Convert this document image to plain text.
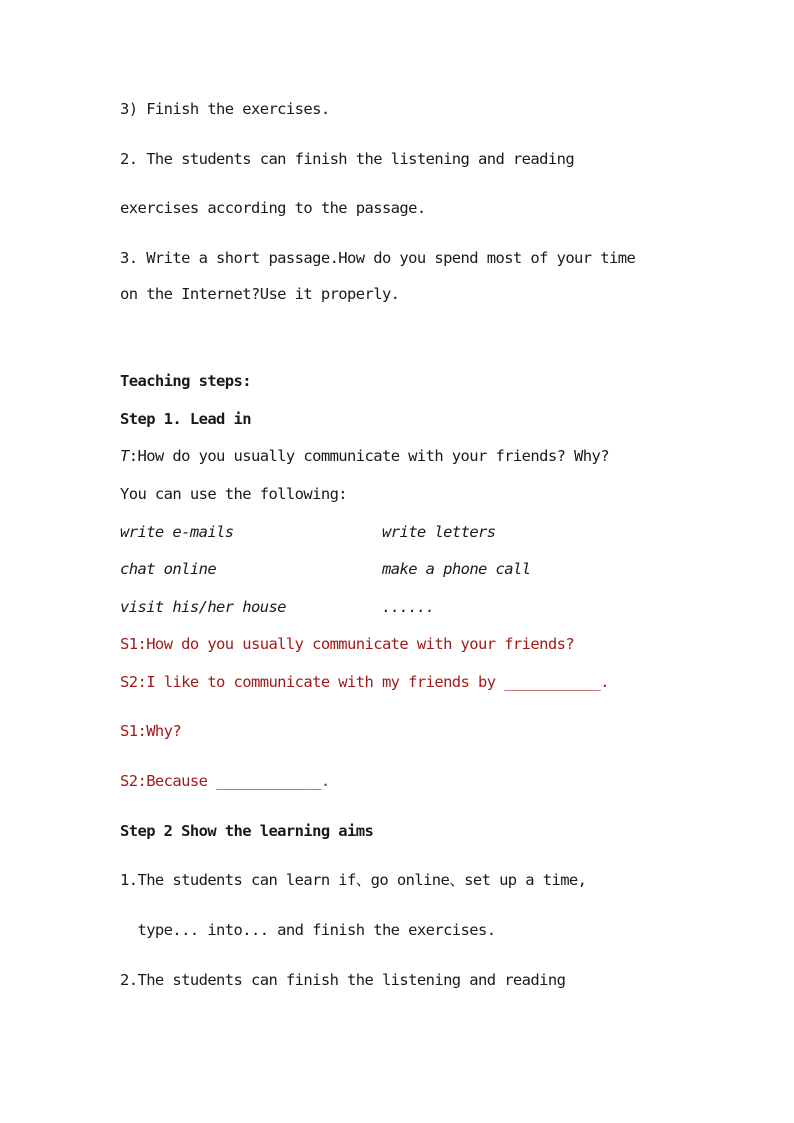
3) Finish the exercises.
2. The students can finish the listening and reading
exercises according to the passage.
3. Write a short passage.How do you spend most of your time
on the Internet?Use it properly.
Teaching steps:
Step 1. Lead in
T:How do you usually communicate with your friends? Why?
You can use the following:
write e-mails	write letters
chat online	make a phone call
visit his/her house	......
S1:How do you usually communicate with your friends?
S2:I like to communicate with my friends by ___________.
S1:Why?
S2:Because ____________.
Step 2 Show the learning aims
1.The students can learn if、go online、set up a time,
type... into... and finish the exercises.
2.The students can finish the listening and reading
